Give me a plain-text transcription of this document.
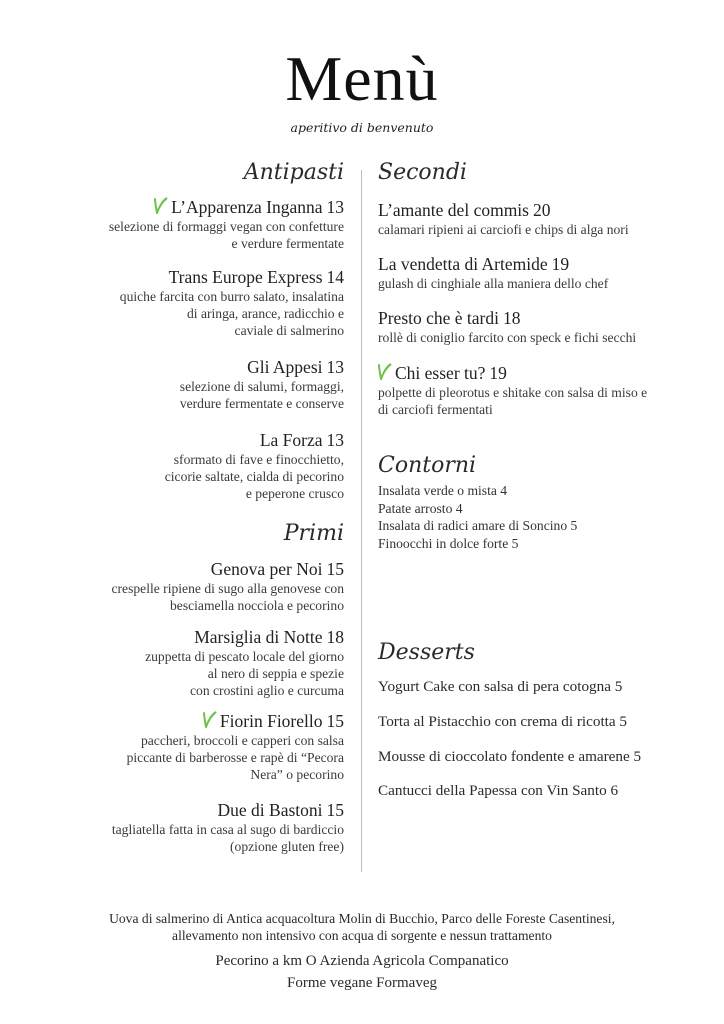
Menù
aperitivo di benvenuto
Antipasti
L’Apparenza Inganna 13
selezione di formaggi vegan con confetture
e verdure fermentate
Trans Europe Express 14
quiche farcita con burro salato, insalatina
di aringa, arance, radicchio e
caviale di salmerino
Gli Appesi 13
selezione di salumi, formaggi,
verdure fermentate e conserve
La Forza 13
sformato di fave e finocchietto,
cicorie saltate, cialda di pecorino
e peperone crusco
Primi
Genova per Noi 15
crespelle ripiene di sugo alla genovese con
besciamella nocciola e pecorino
Marsiglia di Notte 18
zuppetta di pescato locale del giorno
al nero di seppia e spezie
con crostini aglio e curcuma
Fiorin Fiorello 15
paccheri, broccoli e capperi con salsa
piccante di barberosse e rapè di “Pecora
Nera” o pecorino
Due di Bastoni 15
tagliatella fatta in casa al sugo di bardiccio
(opzione gluten free)
Secondi
L’amante del commis 20
calamari ripieni ai carciofi e chips di alga nori
La vendetta di Artemide 19
gulash di cinghiale alla maniera dello chef
Presto che è tardi 18
rollè di coniglio farcito con speck e fichi secchi
Chi esser tu? 19
polpette di pleorotus e shitake con salsa di miso e
di carciofi fermentati
Contorni
Insalata verde o mista 4
Patate arrosto 4
Insalata di radici amare di Soncino 5
Finoocchi in dolce forte 5
Desserts
Yogurt Cake con salsa di pera cotogna 5
Torta al Pistacchio con crema di ricotta 5
Mousse di cioccolato fondente e amarene 5
Cantucci della Papessa con Vin Santo 6
Uova di salmerino di Antica acquacoltura Molin di Bucchio, Parco delle Foreste Casentinesi,
allevamento non intensivo con acqua di sorgente e nessun trattamento
Pecorino a km O Azienda Agricola Companatico
Forme vegane Formaveg
